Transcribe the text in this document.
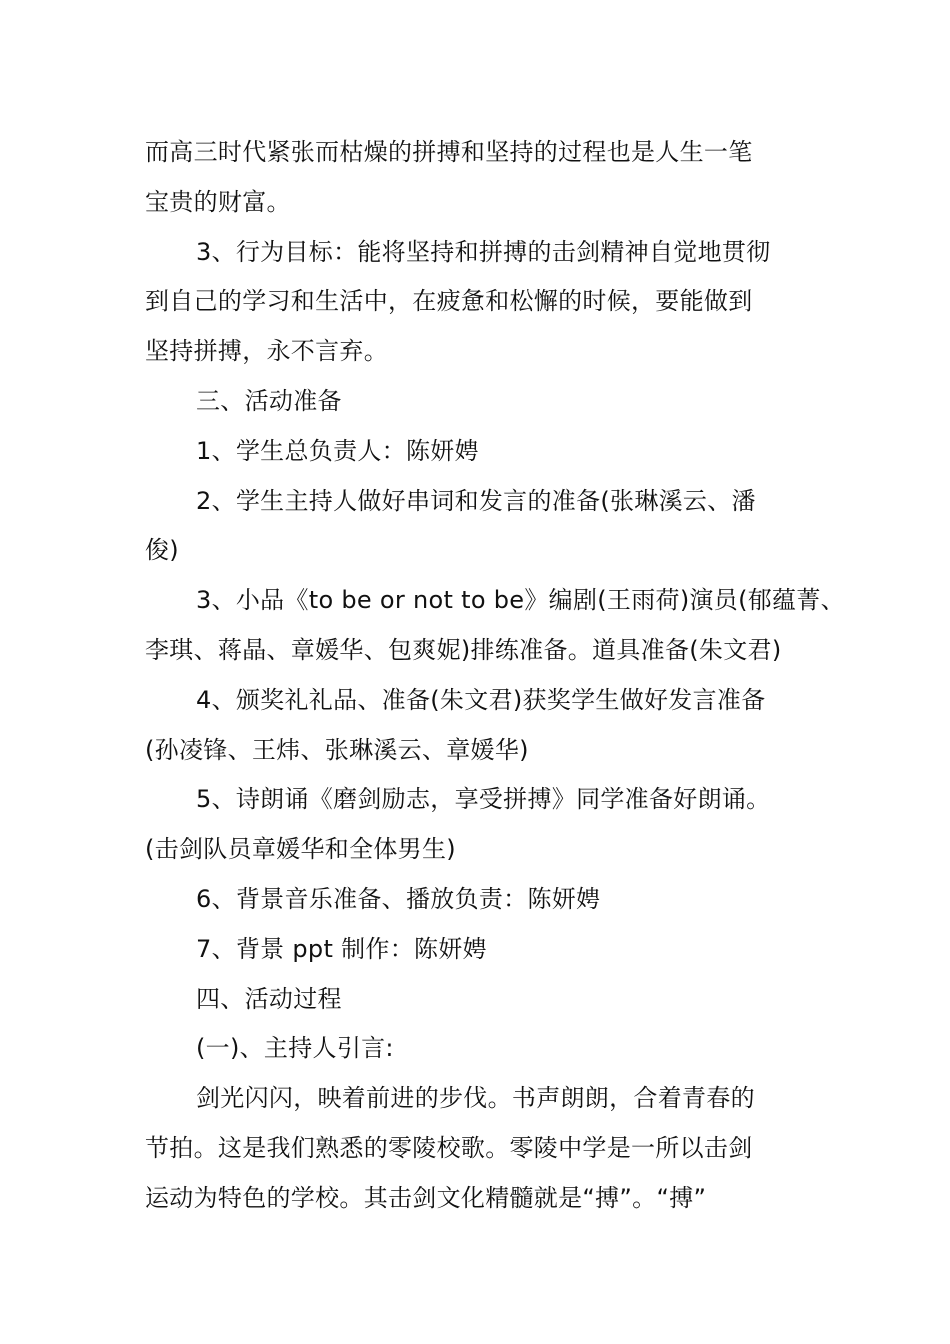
而高三时代紧张而枯燥的拼搏和坚持的过程也是人生一笔
宝贵的财富。
3、行为目标：能将坚持和拼搏的击剑精神自觉地贯彻
到自己的学习和生活中，在疲惫和松懈的时候，要能做到
坚持拼搏，永不言弃。
三、活动准备
1、学生总负责人：陈妍娉
2、学生主持人做好串词和发言的准备(张琳溪云、潘
俊)
3、小品《to be or not to be》编剧(王雨荷)演员(郁蕴菁、
李琪、蒋晶、章媛华、包爽妮)排练准备。道具准备(朱文君)
4、颁奖礼礼品、准备(朱文君)获奖学生做好发言准备
(孙凌锋、王炜、张琳溪云、章媛华)
5、诗朗诵《磨剑励志，享受拼搏》同学准备好朗诵。
(击剑队员章媛华和全体男生)
6、背景音乐准备、播放负责：陈妍娉
7、背景 ppt 制作：陈妍娉
四、活动过程
(一)、主持人引言:
剑光闪闪，映着前进的步伐。书声朗朗，合着青春的
节拍。这是我们熟悉的零陵校歌。零陵中学是一所以击剑
运动为特色的学校。其击剑文化精髓就是“搏”。“搏”
